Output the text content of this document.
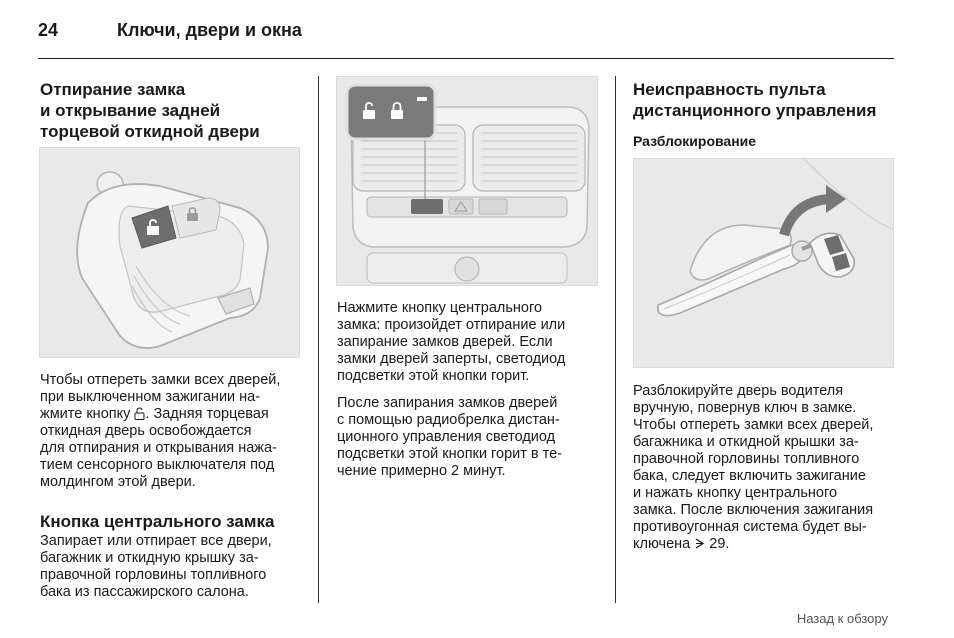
24	Ключи, двери и окна
Отпирание замка
и открывание задней
торцевой откидной двери

Чтобы отпереть замки всех дверей,

при выключенном зажигании на-

жмите кнопку . Задняя торцевая

откидная дверь освобождается

для отпирания и открывания нажа-

тием сенсорного выключателя под

молдингом этой двери.

Кнопка центрального замка

Запирает или отпирает все двери,

багажник и откидную крышку за-

правочной горловины топливного

бака из пассажирского салона.

Нажмите кнопку центрального

замка: произойдет отпирание или

запирание замков дверей. Если

замки дверей заперты, светодиод

подсветки этой кнопки горит.

После запирания замков дверей

с помощью радиобрелка дистан-

ционного управления светодиод

подсветки этой кнопки горит в те-

чение примерно 2 минут.

Неисправность пульта
дистанционного управления
Разблокирование

Разблокируйте дверь водителя

вручную, повернув ключ в замке.

Чтобы отпереть замки всех дверей,

багажника и откидной крышки за-

правочной горловины топливного

бака, следует включить зажигание

и нажать кнопку центрального

замка. После включения зажигания

противоугонная система будет вы-

ключена  29.

Назад к обзору
